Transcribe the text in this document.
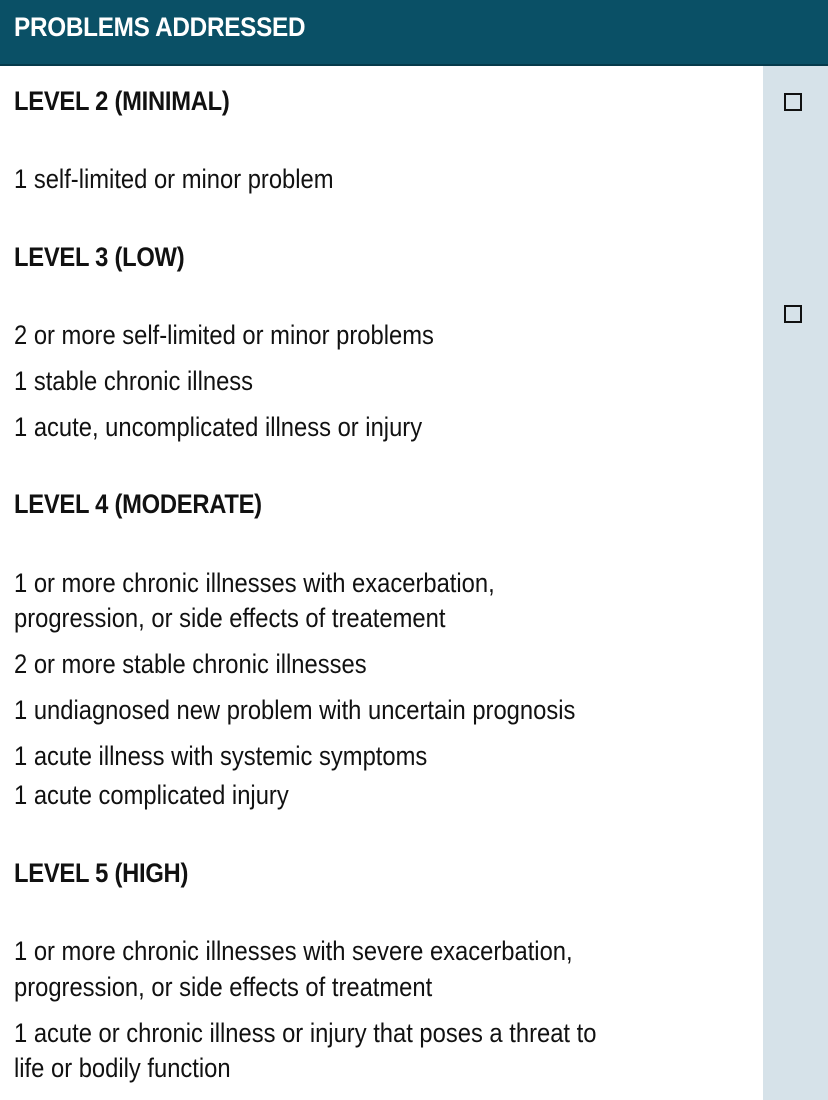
PROBLEMS ADDRESSED
LEVEL 2 (MINIMAL)
1 self-limited or minor problem
LEVEL 3 (LOW)
2 or more self-limited or minor problems
1 stable chronic illness
1 acute, uncomplicated illness or injury
LEVEL 4 (MODERATE)
1 or more chronic illnesses with exacerbation,
progression, or side effects of treatement
2 or more stable chronic illnesses
1 undiagnosed new problem with uncertain prognosis
1 acute illness with systemic symptoms
1 acute complicated injury
LEVEL 5 (HIGH)
1 or more chronic illnesses with severe exacerbation,
progression, or side effects of treatment
1 acute or chronic illness or injury that poses a threat to
life or bodily function
